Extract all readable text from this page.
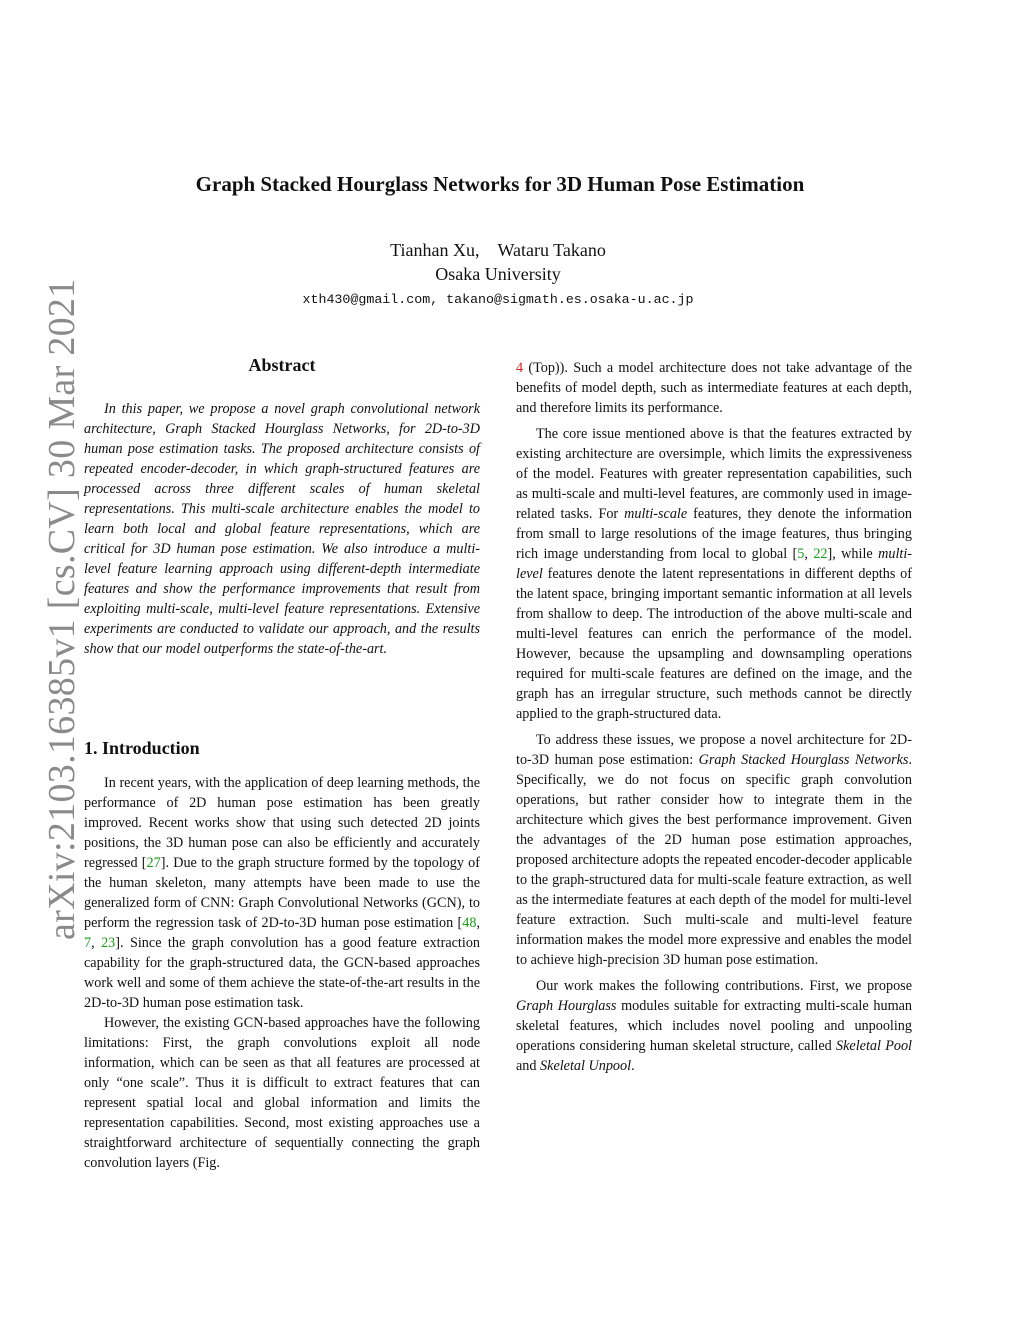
arXiv:2103.16385v1 [cs.CV] 30 Mar 2021
Graph Stacked Hourglass Networks for 3D Human Pose Estimation
Tianhan Xu, Wataru Takano
Osaka University
xth430@gmail.com, takano@sigmath.es.osaka-u.ac.jp
Abstract

In this paper, we propose a novel graph convolutional network architecture, Graph Stacked Hourglass Networks, for 2D-to-3D human pose estimation tasks. The proposed architecture consists of repeated encoder-decoder, in which graph-structured features are processed across three different scales of human skeletal representations. This multi-scale architecture enables the model to learn both local and global feature representations, which are critical for 3D human pose estimation. We also introduce a multi-level feature learning approach using different-depth intermediate features and show the performance improvements that result from exploiting multi-scale, multi-level feature representations. Extensive experiments are conducted to validate our approach, and the results show that our model outperforms the state-of-the-art.

1. Introduction

In recent years, with the application of deep learning methods, the performance of 2D human pose estimation has been greatly improved. Recent works show that using such detected 2D joints positions, the 3D human pose can also be efficiently and accurately regressed [27]. Due to the graph structure formed by the topology of the human skeleton, many attempts have been made to use the generalized form of CNN: Graph Convolutional Networks (GCN), to perform the regression task of 2D-to-3D human pose estimation [48, 7, 23]. Since the graph convolution has a good feature extraction capability for the graph-structured data, the GCN-based approaches work well and some of them achieve the state-of-the-art results in the 2D-to-3D human pose estimation task.

However, the existing GCN-based approaches have the following limitations: First, the graph convolutions exploit all node information, which can be seen as that all features are processed at only “one scale”. Thus it is difficult to extract features that can represent spatial local and global information and limits the representation capabilities. Second, most existing approaches use a straightforward architecture of sequentially connecting the graph convolution layers (Fig.

4 (Top)). Such a model architecture does not take advantage of the benefits of model depth, such as intermediate features at each depth, and therefore limits its performance.

The core issue mentioned above is that the features extracted by existing architecture are oversimple, which limits the expressiveness of the model. Features with greater representation capabilities, such as multi-scale and multi-level features, are commonly used in image-related tasks. For multi-scale features, they denote the information from small to large resolutions of the image features, thus bringing rich image understanding from local to global [5, 22], while multi-level features denote the latent representations in different depths of the latent space, bringing important semantic information at all levels from shallow to deep. The introduction of the above multi-scale and multi-level features can enrich the performance of the model. However, because the upsampling and downsampling operations required for multi-scale features are defined on the image, and the graph has an irregular structure, such methods cannot be directly applied to the graph-structured data.

To address these issues, we propose a novel architecture for 2D-to-3D human pose estimation: Graph Stacked Hourglass Networks. Specifically, we do not focus on specific graph convolution operations, but rather consider how to integrate them in the architecture which gives the best performance improvement. Given the advantages of the 2D human pose estimation approaches, proposed architecture adopts the repeated encoder-decoder applicable to the graph-structured data for multi-scale feature extraction, as well as the intermediate features at each depth of the model for multi-level feature extraction. Such multi-scale and multi-level feature information makes the model more expressive and enables the model to achieve high-precision 3D human pose estimation.

Our work makes the following contributions. First, we propose Graph Hourglass modules suitable for extracting multi-scale human skeletal features, which includes novel pooling and unpooling operations considering human skeletal structure, called Skeletal Pool and Skeletal Unpool.
